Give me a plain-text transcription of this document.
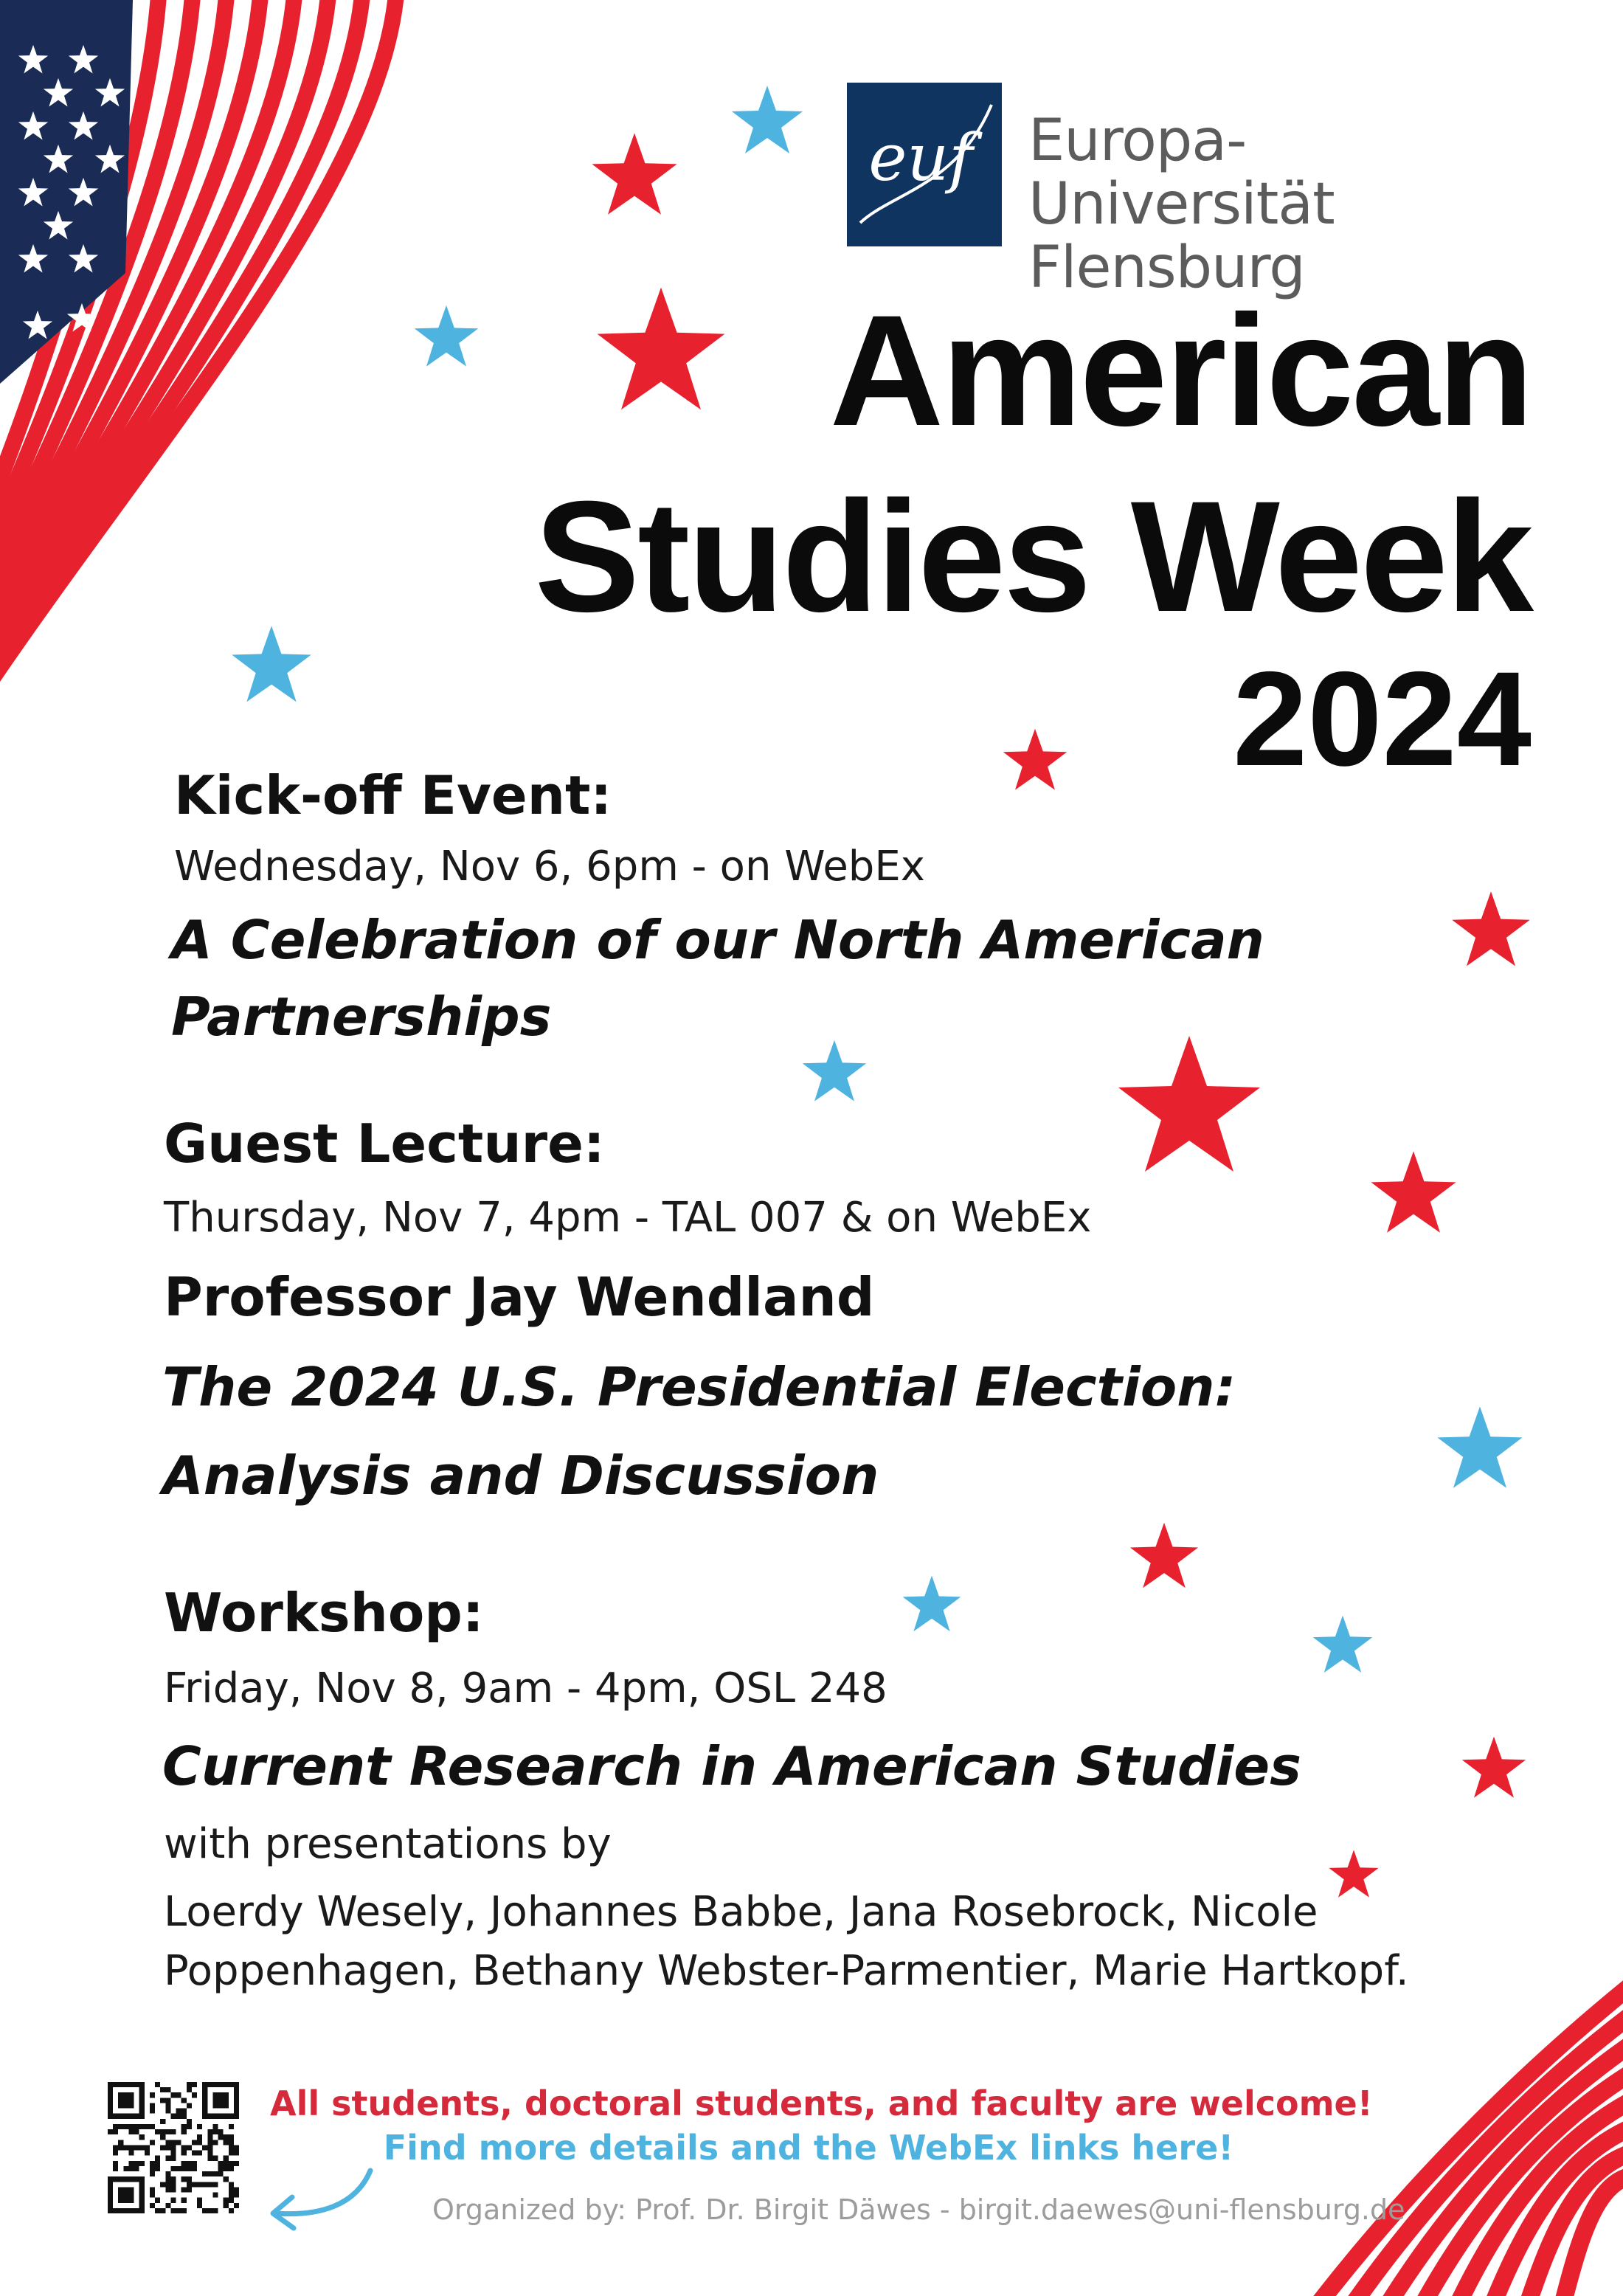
euf Europa-Universität
Flensburg
American
Studies Week
2024
Kick-off Event:
Wednesday, Nov 6, 6pm - on WebEx
A Celebration of our North American
Partnerships
Guest Lecture:
Thursday, Nov 7, 4pm - TAL 007 & on WebEx
Professor Jay Wendland
The 2024 U.S. Presidential Election:
Analysis and Discussion
Workshop:
Friday, Nov 8, 9am - 4pm, OSL 248
Current Research in American Studies
with presentations by
Loerdy Wesely, Johannes Babbe, Jana Rosebrock, Nicole
Poppenhagen, Bethany Webster-Parmentier, Marie Hartkopf.
All students, doctoral students, and faculty are welcome!
Find more details and the WebEx links here!
Organized by: Prof. Dr. Birgit Däwes - birgit.daewes@uni-flensburg.de
